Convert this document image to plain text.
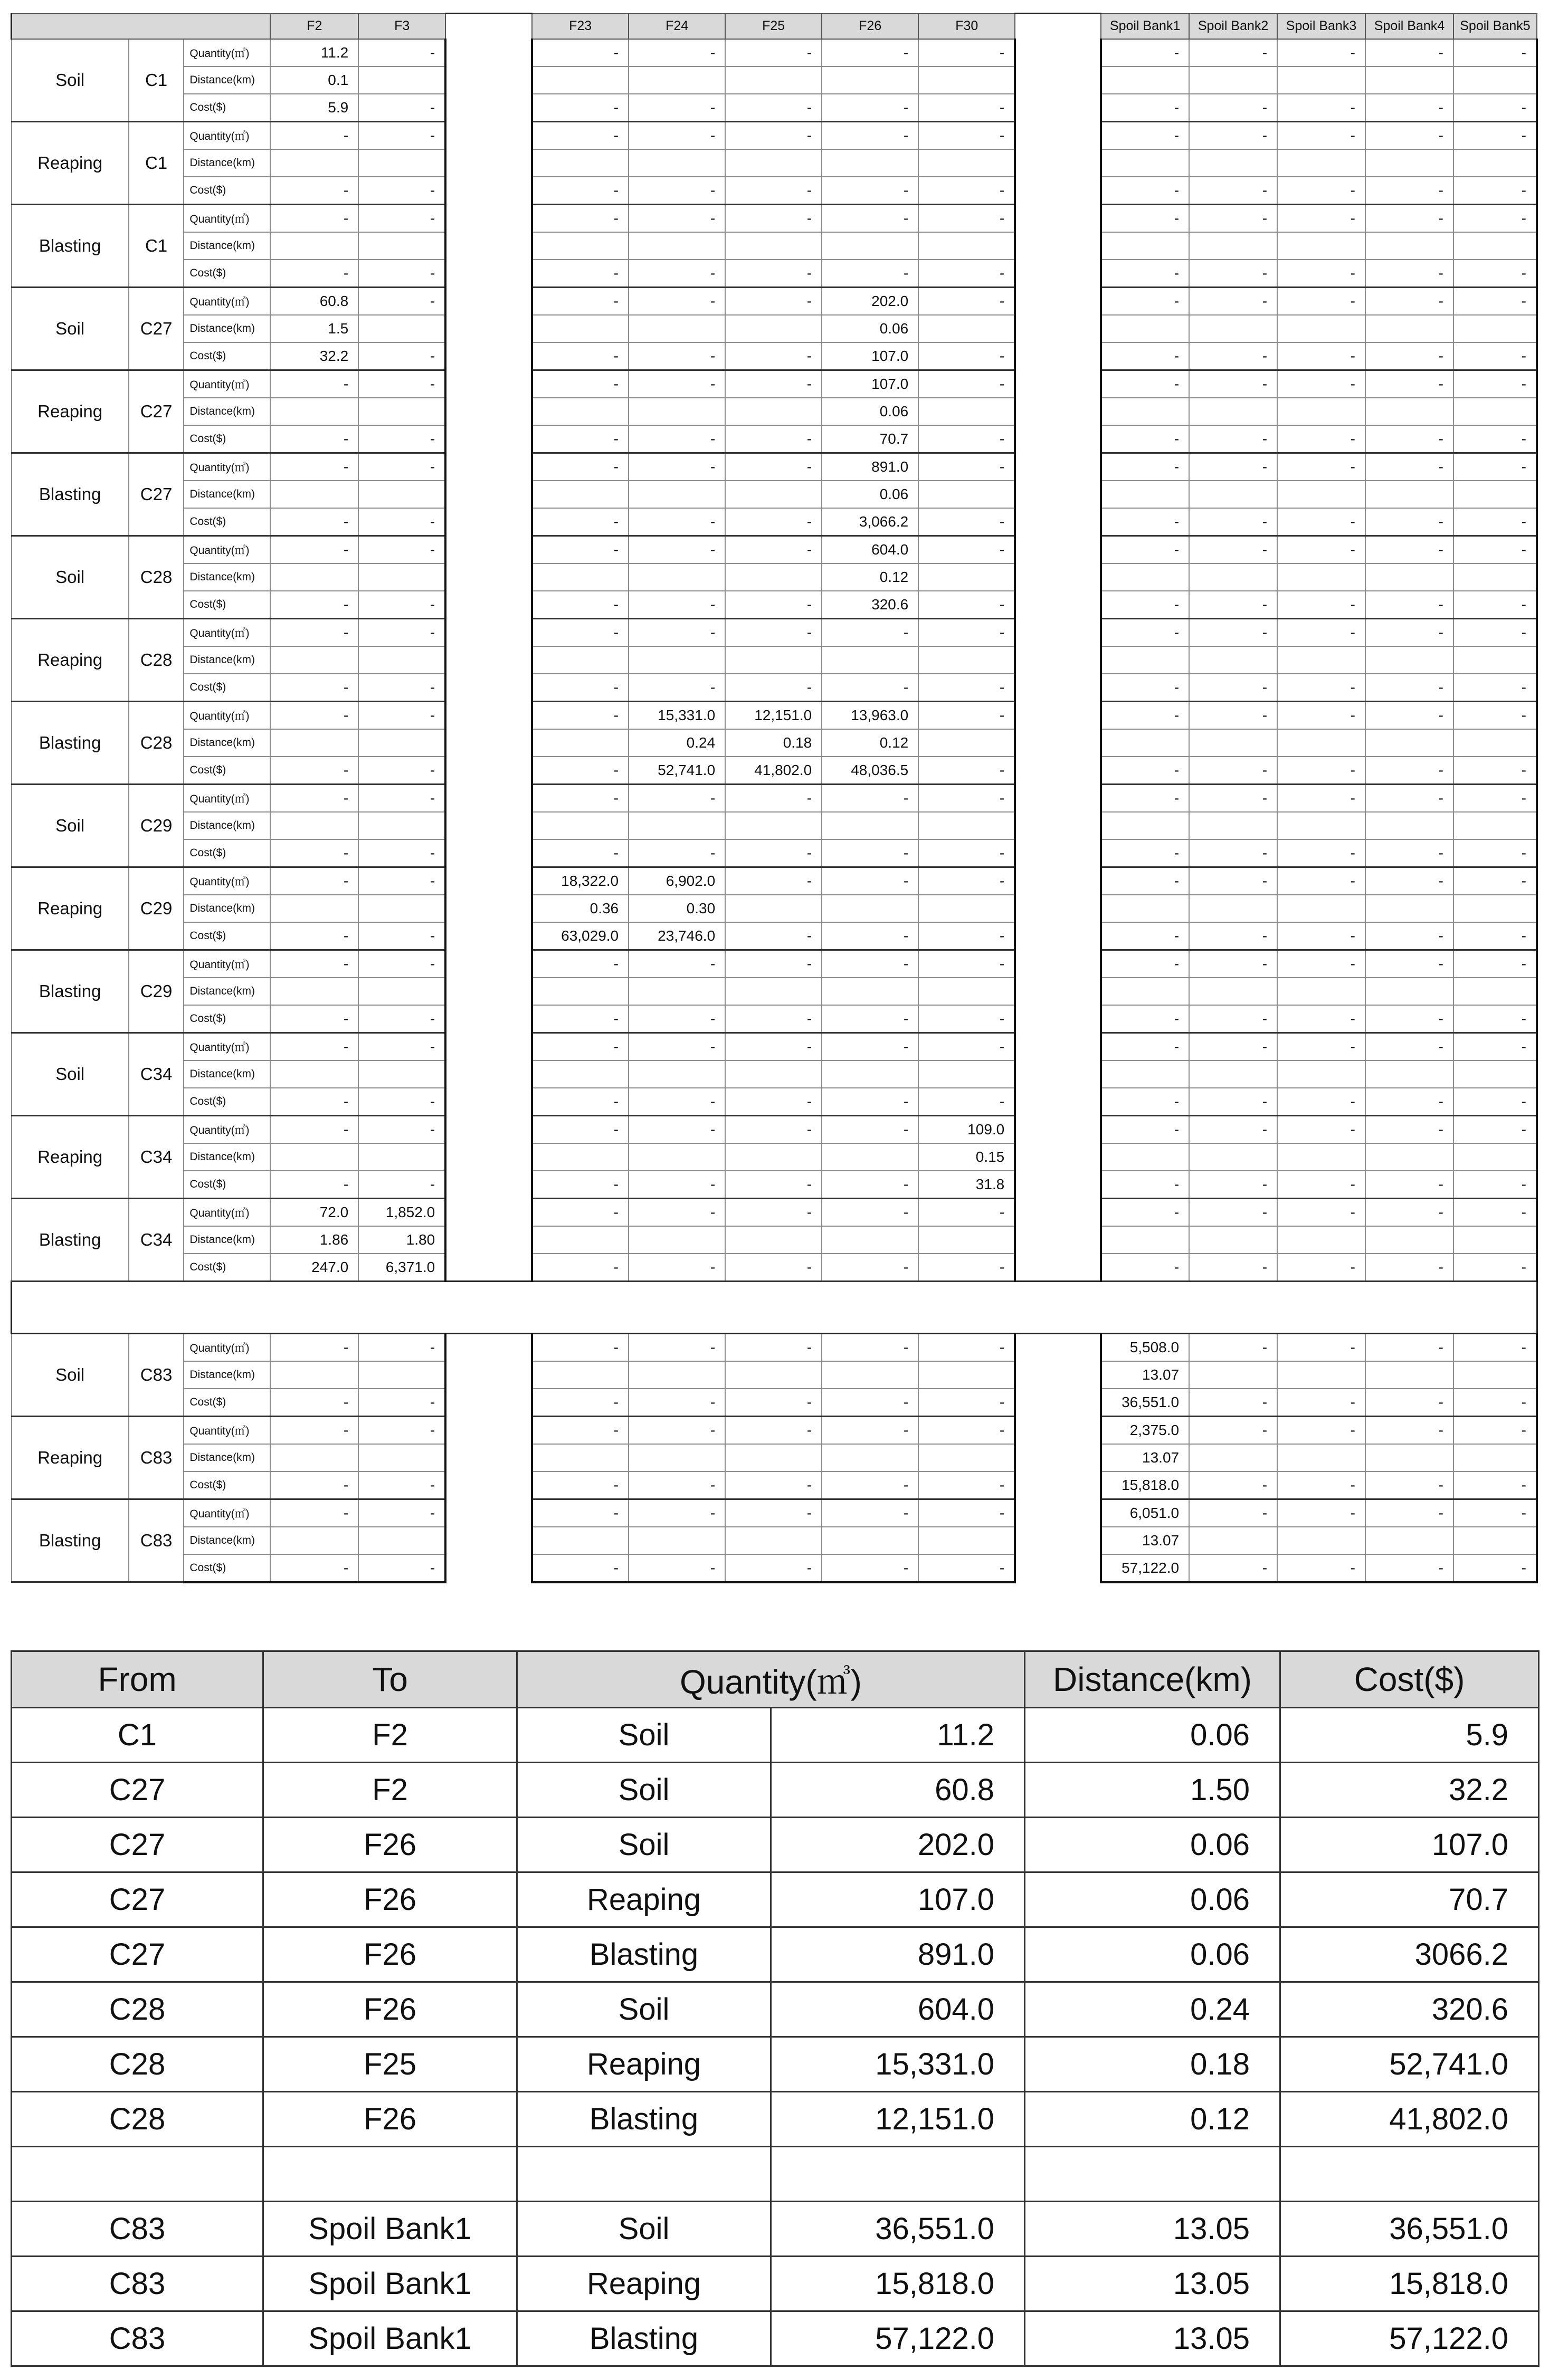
			F2	F3		F23	F24	F25	F26	F30		Spoil Bank1	Spoil Bank2	Spoil Bank3	Spoil Bank4	Spoil Bank5
Soil	C1	Quantity(㎥)	11.2	-		-	-	-	-	-		-	-	-	-	-
		Distance(km)	0.1													
		Cost($)	5.9	-		-	-	-	-	-		-	-	-	-	-
Reaping	C1	Quantity(㎥)	-	-		-	-	-	-	-		-	-	-	-	-
		Distance(km)														
		Cost($)	-	-		-	-	-	-	-		-	-	-	-	-
Blasting	C1	Quantity(㎥)	-	-		-	-	-	-	-		-	-	-	-	-
		Distance(km)														
		Cost($)	-	-		-	-	-	-	-		-	-	-	-	-
Soil	C27	Quantity(㎥)	60.8	-		-	-	-	202.0	-		-	-	-	-	-
		Distance(km)	1.5						0.06							
		Cost($)	32.2	-		-	-	-	107.0	-		-	-	-	-	-
Reaping	C27	Quantity(㎥)	-	-		-	-	-	107.0	-		-	-	-	-	-
		Distance(km)							0.06							
		Cost($)	-	-		-	-	-	70.7	-		-	-	-	-	-
Blasting	C27	Quantity(㎥)	-	-		-	-	-	891.0	-		-	-	-	-	-
		Distance(km)							0.06							
		Cost($)	-	-		-	-	-	3,066.2	-		-	-	-	-	-
Soil	C28	Quantity(㎥)	-	-		-	-	-	604.0	-		-	-	-	-	-
		Distance(km)							0.12							
		Cost($)	-	-		-	-	-	320.6	-		-	-	-	-	-
Reaping	C28	Quantity(㎥)	-	-		-	-	-	-	-		-	-	-	-	-
		Distance(km)														
		Cost($)	-	-		-	-	-	-	-		-	-	-	-	-
Blasting	C28	Quantity(㎥)	-	-		-	15,331.0	12,151.0	13,963.0	-		-	-	-	-	-
		Distance(km)					0.24	0.18	0.12							
		Cost($)	-	-		-	52,741.0	41,802.0	48,036.5	-		-	-	-	-	-
Soil	C29	Quantity(㎥)	-	-		-	-	-	-	-		-	-	-	-	-
		Distance(km)														
		Cost($)	-	-		-	-	-	-	-		-	-	-	-	-
Reaping	C29	Quantity(㎥)	-	-		18,322.0	6,902.0	-	-	-		-	-	-	-	-
		Distance(km)				0.36	0.30									
		Cost($)	-	-		63,029.0	23,746.0	-	-	-		-	-	-	-	-
Blasting	C29	Quantity(㎥)	-	-		-	-	-	-	-		-	-	-	-	-
		Distance(km)														
		Cost($)	-	-		-	-	-	-	-		-	-	-	-	-
Soil	C34	Quantity(㎥)	-	-		-	-	-	-	-		-	-	-	-	-
		Distance(km)														
		Cost($)	-	-		-	-	-	-	-		-	-	-	-	-
Reaping	C34	Quantity(㎥)	-	-		-	-	-	-	109.0		-	-	-	-	-
		Distance(km)								0.15						
		Cost($)	-	-		-	-	-	-	31.8		-	-	-	-	-
Blasting	C34	Quantity(㎥)	72.0	1,852.0		-	-	-	-	-		-	-	-	-	-
		Distance(km)	1.86	1.80												
		Cost($)	247.0	6,371.0		-	-	-	-	-		-	-	-	-	-

Soil	C83	Quantity(㎥)	-	-		-	-	-	-	-		5,508.0	-	-	-	-
		Distance(km)										13.07				
		Cost($)	-	-		-	-	-	-	-		36,551.0	-	-	-	-
Reaping	C83	Quantity(㎥)	-	-		-	-	-	-	-		2,375.0	-	-	-	-
		Distance(km)										13.07				
		Cost($)	-	-		-	-	-	-	-		15,818.0	-	-	-	-
Blasting	C83	Quantity(㎥)	-	-		-	-	-	-	-		6,051.0	-	-	-	-
		Distance(km)										13.07				
		Cost($)	-	-		-	-	-	-	-		57,122.0	-	-	-	-
From	To	Quantity(㎥)		Distance(km)	Cost($)
C1	F2	Soil	11.2	0.06	5.9
C27	F2	Soil	60.8	1.50	32.2
C27	F26	Soil	202.0	0.06	107.0
C27	F26	Reaping	107.0	0.06	70.7
C27	F26	Blasting	891.0	0.06	3066.2
C28	F26	Soil	604.0	0.24	320.6
C28	F25	Reaping	15,331.0	0.18	52,741.0
C28	F26	Blasting	12,151.0	0.12	41,802.0

C83	Spoil Bank1	Soil	36,551.0	13.05	36,551.0
C83	Spoil Bank1	Reaping	15,818.0	13.05	15,818.0
C83	Spoil Bank1	Blasting	57,122.0	13.05	57,122.0
